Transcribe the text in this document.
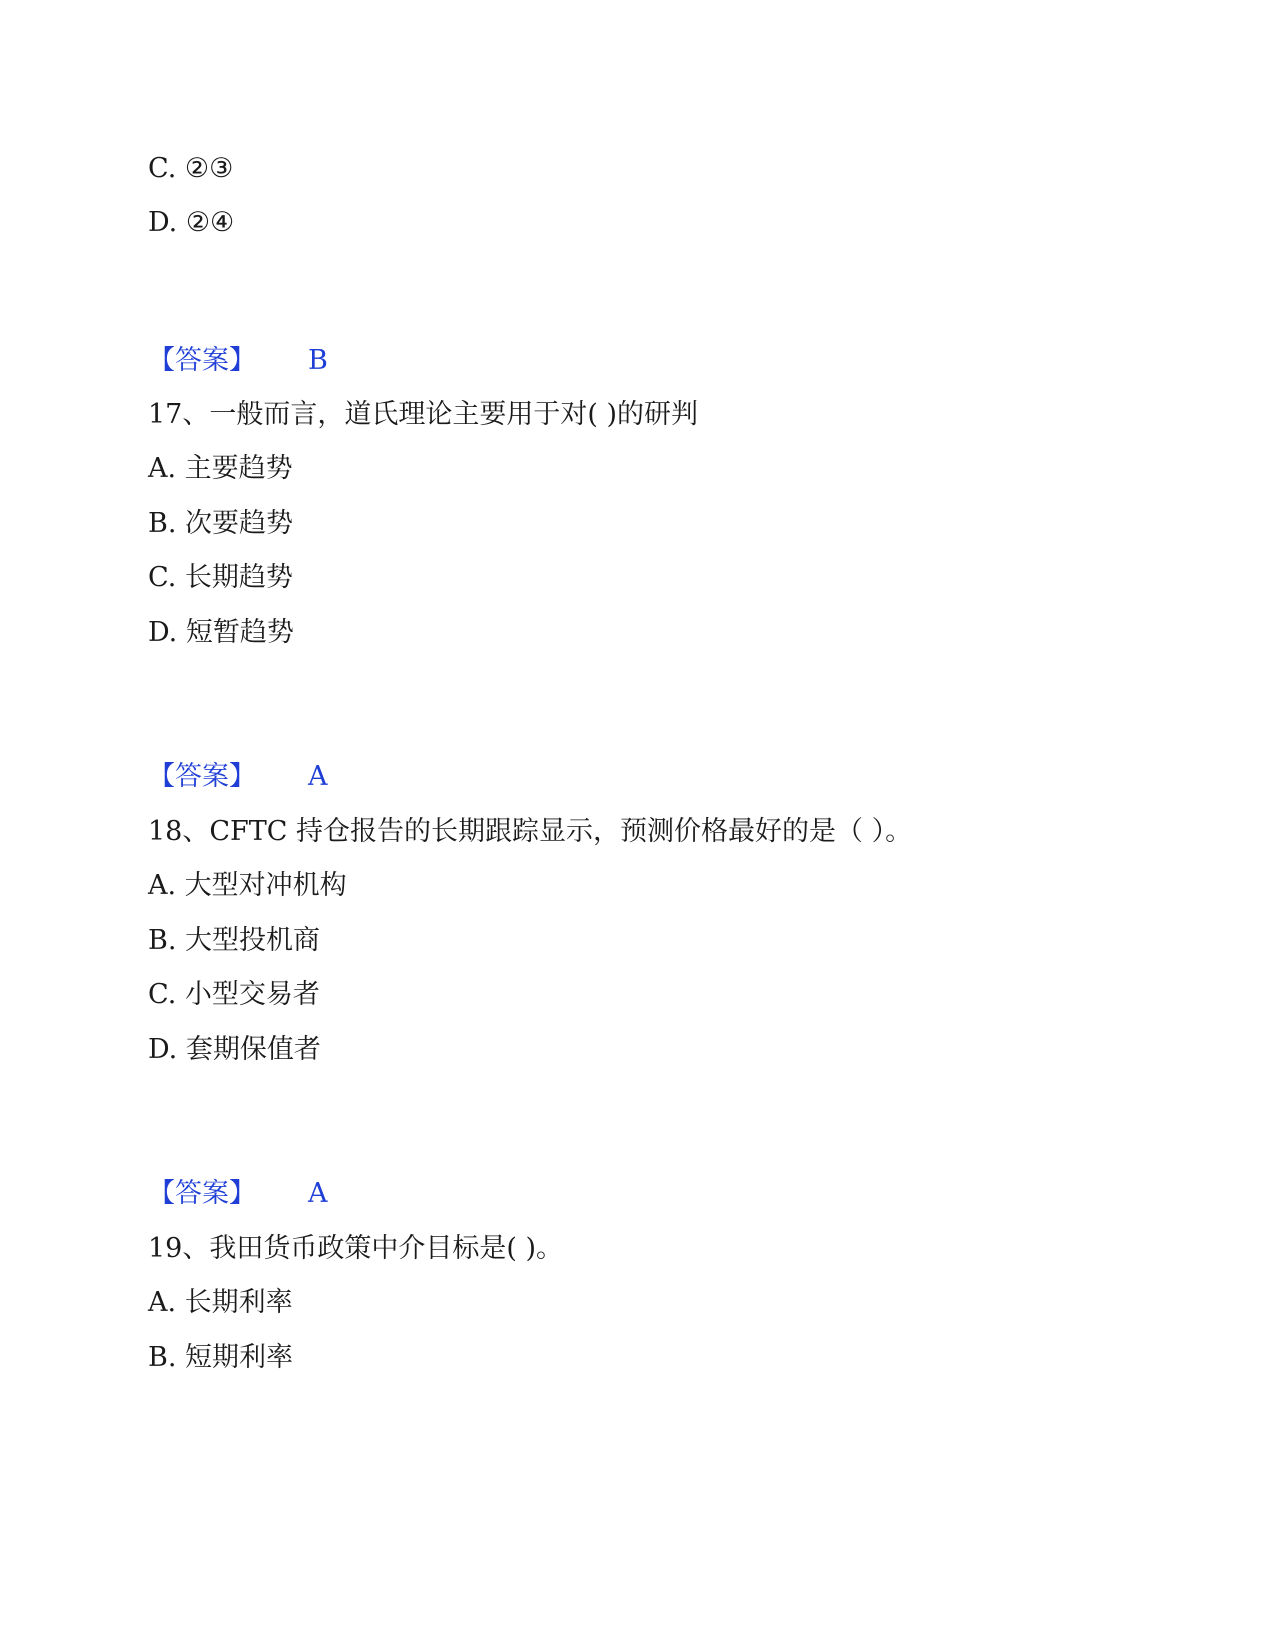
C. ②③
D. ②④
【答案】 B
17、一般而言，道氏理论主要用于对( )的研判
A. 主要趋势
B. 次要趋势
C. 长期趋势
D. 短暂趋势
【答案】 A
18、CFTC 持仓报告的长期跟踪显示，预测价格最好的是（ ）。
A. 大型对冲机构
B. 大型投机商
C. 小型交易者
D. 套期保值者
【答案】 A
19、我田货币政策中介目标是( )。
A. 长期利率
B. 短期利率
